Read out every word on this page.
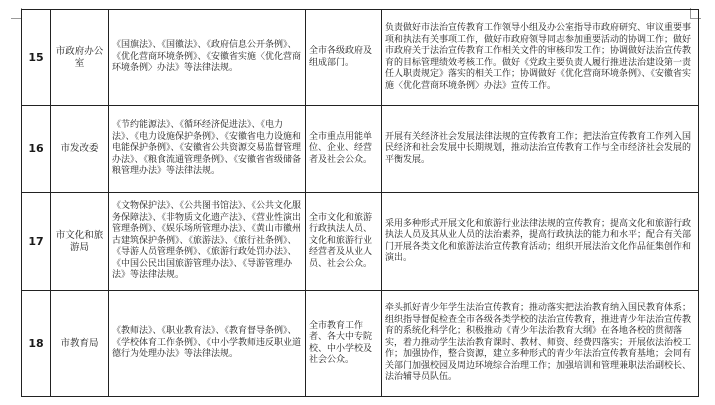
15	市政府办公室	《国旗法》、《国徽法》、《政府信息公开条例》、《优化营商环境条例》、《安徽省实施〈优化营商环境条例〉办法》等法律法规。	全市各级政府及组成部门。	负责做好市法治宣传教育工作领导小组及办公室指导市政府研究、审议重要事项和执法有关事项工作，做好市政府领导同志参加重要活动的协调工作；做好市政府关于法治宣传教育工作相关文件的审核印发工作；协调做好法治宣传教育的目标管理绩效考核工作。做好《党政主要负责人履行推进法治建设第一责任人职责规定》落实的相关工作；协调做好《优化营商环境条例》、《安徽省实施〈优化营商环境条例〉办法》宣传工作。
16	市发改委	《节约能源法》、《循环经济促进法》、《电力法》、《电力设施保护条例》、《安徽省电力设施和电能保护条例》、《安徽省公共资源交易监督管理办法》、《粮食流通管理条例》、《安徽省省级储备粮管理办法》等法律法规。	全市重点用能单位、企业、经营者及社会公众。	开展有关经济社会发展法律法规的宣传教育工作；把法治宣传教育工作列入国民经济和社会发展中长期规划，推动法治宣传教育工作与全市经济社会发展的平衡发展。
17	市文化和旅游局	《文物保护法》、《公共图书馆法》、《公共文化服务保障法》、《非物质文化遗产法》、《营业性演出管理条例》、《娱乐场所管理办法》、《黄山市徽州古建筑保护条例》、《旅游法》、《旅行社条例》、《导游人员管理条例》、《旅游行政处罚办法》、《中国公民出国旅游管理办法》、《导游管理办法》等法律法规。	全市文化和旅游行政执法人员、文化和旅游行业经营者及从业人员、社会公众。	采用多种形式开展文化和旅游行业法律法规的宣传教育；提高文化和旅游行政执法人员及其从业人员的法治素养，提高行政执法的能力和水平；配合有关部门开展各类文化和旅游法治宣传教育活动；组织开展法治文化作品征集创作和演出。
18	市教育局	《教师法》、《职业教育法》、《教育督导条例》、《学校体育工作条例》、《中小学教师违反职业道德行为处理办法》等法律法规。	全市教育工作者、各大中专院校、中小学校及社会公众。	牵头抓好青少年学生法治宣传教育；推动落实把法治教育纳入国民教育体系；组织指导督促检查全市各级各类学校的法治宣传教育，推进青少年法治宣传教育的系统化科学化；积极推动《青少年法治教育大纲》在各地各校的贯彻落实，着力推动学生法治教育课时、教材、师资、经费四落实；开展依法治校工作；加强协作，整合资源，建立多种形式的青少年法治宣传教育基地；会同有关部门加强校园及周边环境综合治理工作；加强培训和管理兼职法治副校长、法治辅导员队伍。
